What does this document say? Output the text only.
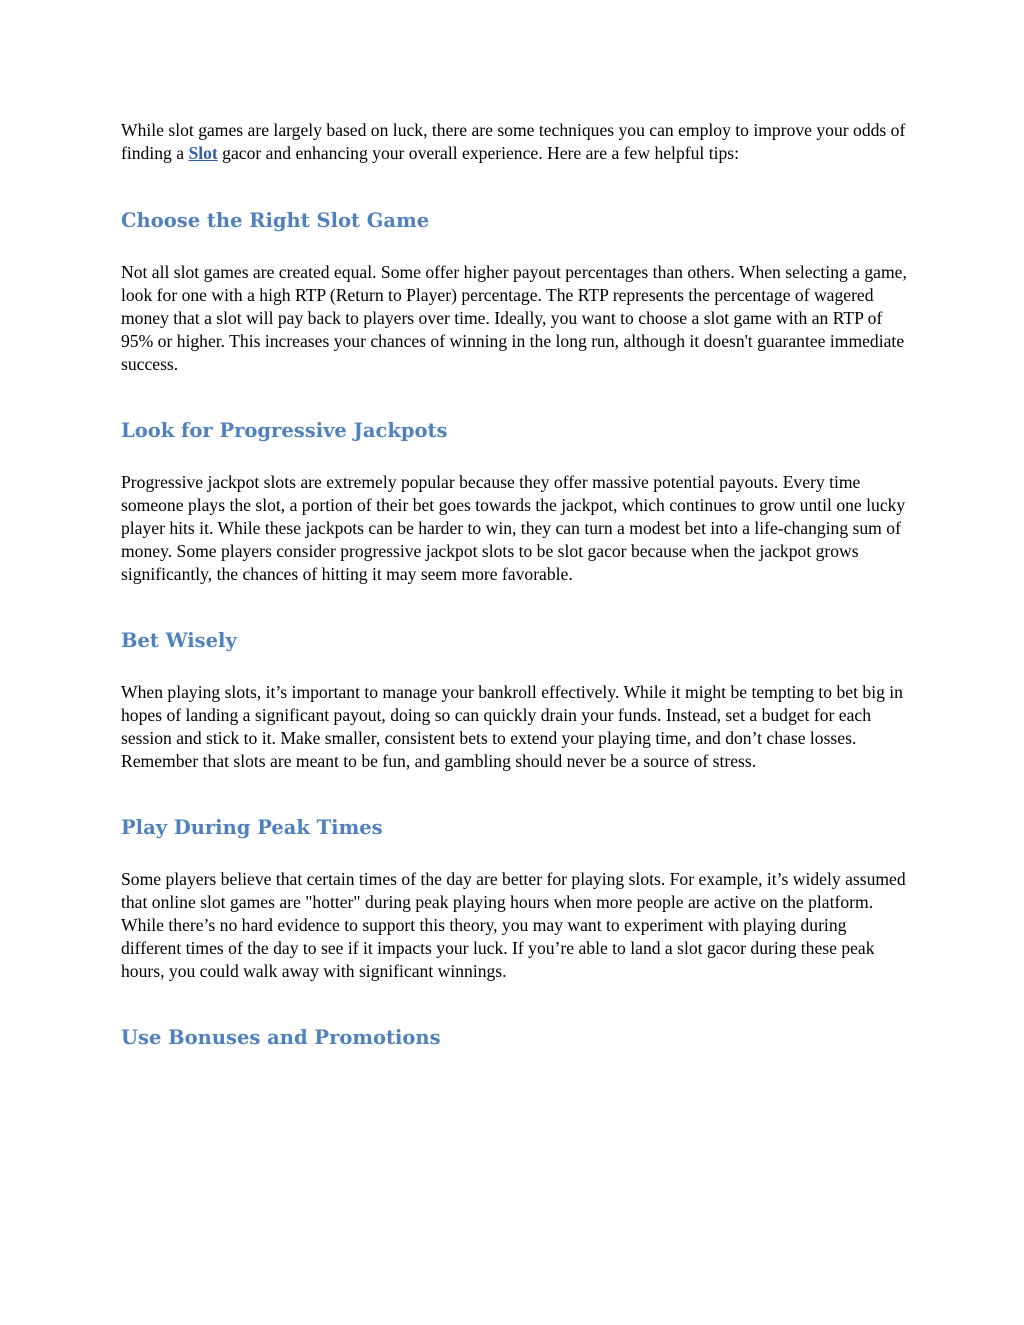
While slot games are largely based on luck, there are some techniques you can employ to improve your odds of finding a Slot gacor and enhancing your overall experience. Here are a few helpful tips:

Choose the Right Slot Game

Not all slot games are created equal. Some offer higher payout percentages than others. When selecting a game, look for one with a high RTP (Return to Player) percentage. The RTP represents the percentage of wagered money that a slot will pay back to players over time. Ideally, you want to choose a slot game with an RTP of 95% or higher. This increases your chances of winning in the long run, although it doesn't guarantee immediate success.

Look for Progressive Jackpots

Progressive jackpot slots are extremely popular because they offer massive potential payouts. Every time someone plays the slot, a portion of their bet goes towards the jackpot, which continues to grow until one lucky player hits it. While these jackpots can be harder to win, they can turn a modest bet into a life-changing sum of money. Some players consider progressive jackpot slots to be slot gacor because when the jackpot grows significantly, the chances of hitting it may seem more favorable.

Bet Wisely

When playing slots, it’s important to manage your bankroll effectively. While it might be tempting to bet big in hopes of landing a significant payout, doing so can quickly drain your funds. Instead, set a budget for each session and stick to it. Make smaller, consistent bets to extend your playing time, and don’t chase losses. Remember that slots are meant to be fun, and gambling should never be a source of stress.

Play During Peak Times

Some players believe that certain times of the day are better for playing slots. For example, it’s widely assumed that online slot games are "hotter" during peak playing hours when more people are active on the platform. While there’s no hard evidence to support this theory, you may want to experiment with playing during different times of the day to see if it impacts your luck. If you’re able to land a slot gacor during these peak hours, you could walk away with significant winnings.

Use Bonuses and Promotions
